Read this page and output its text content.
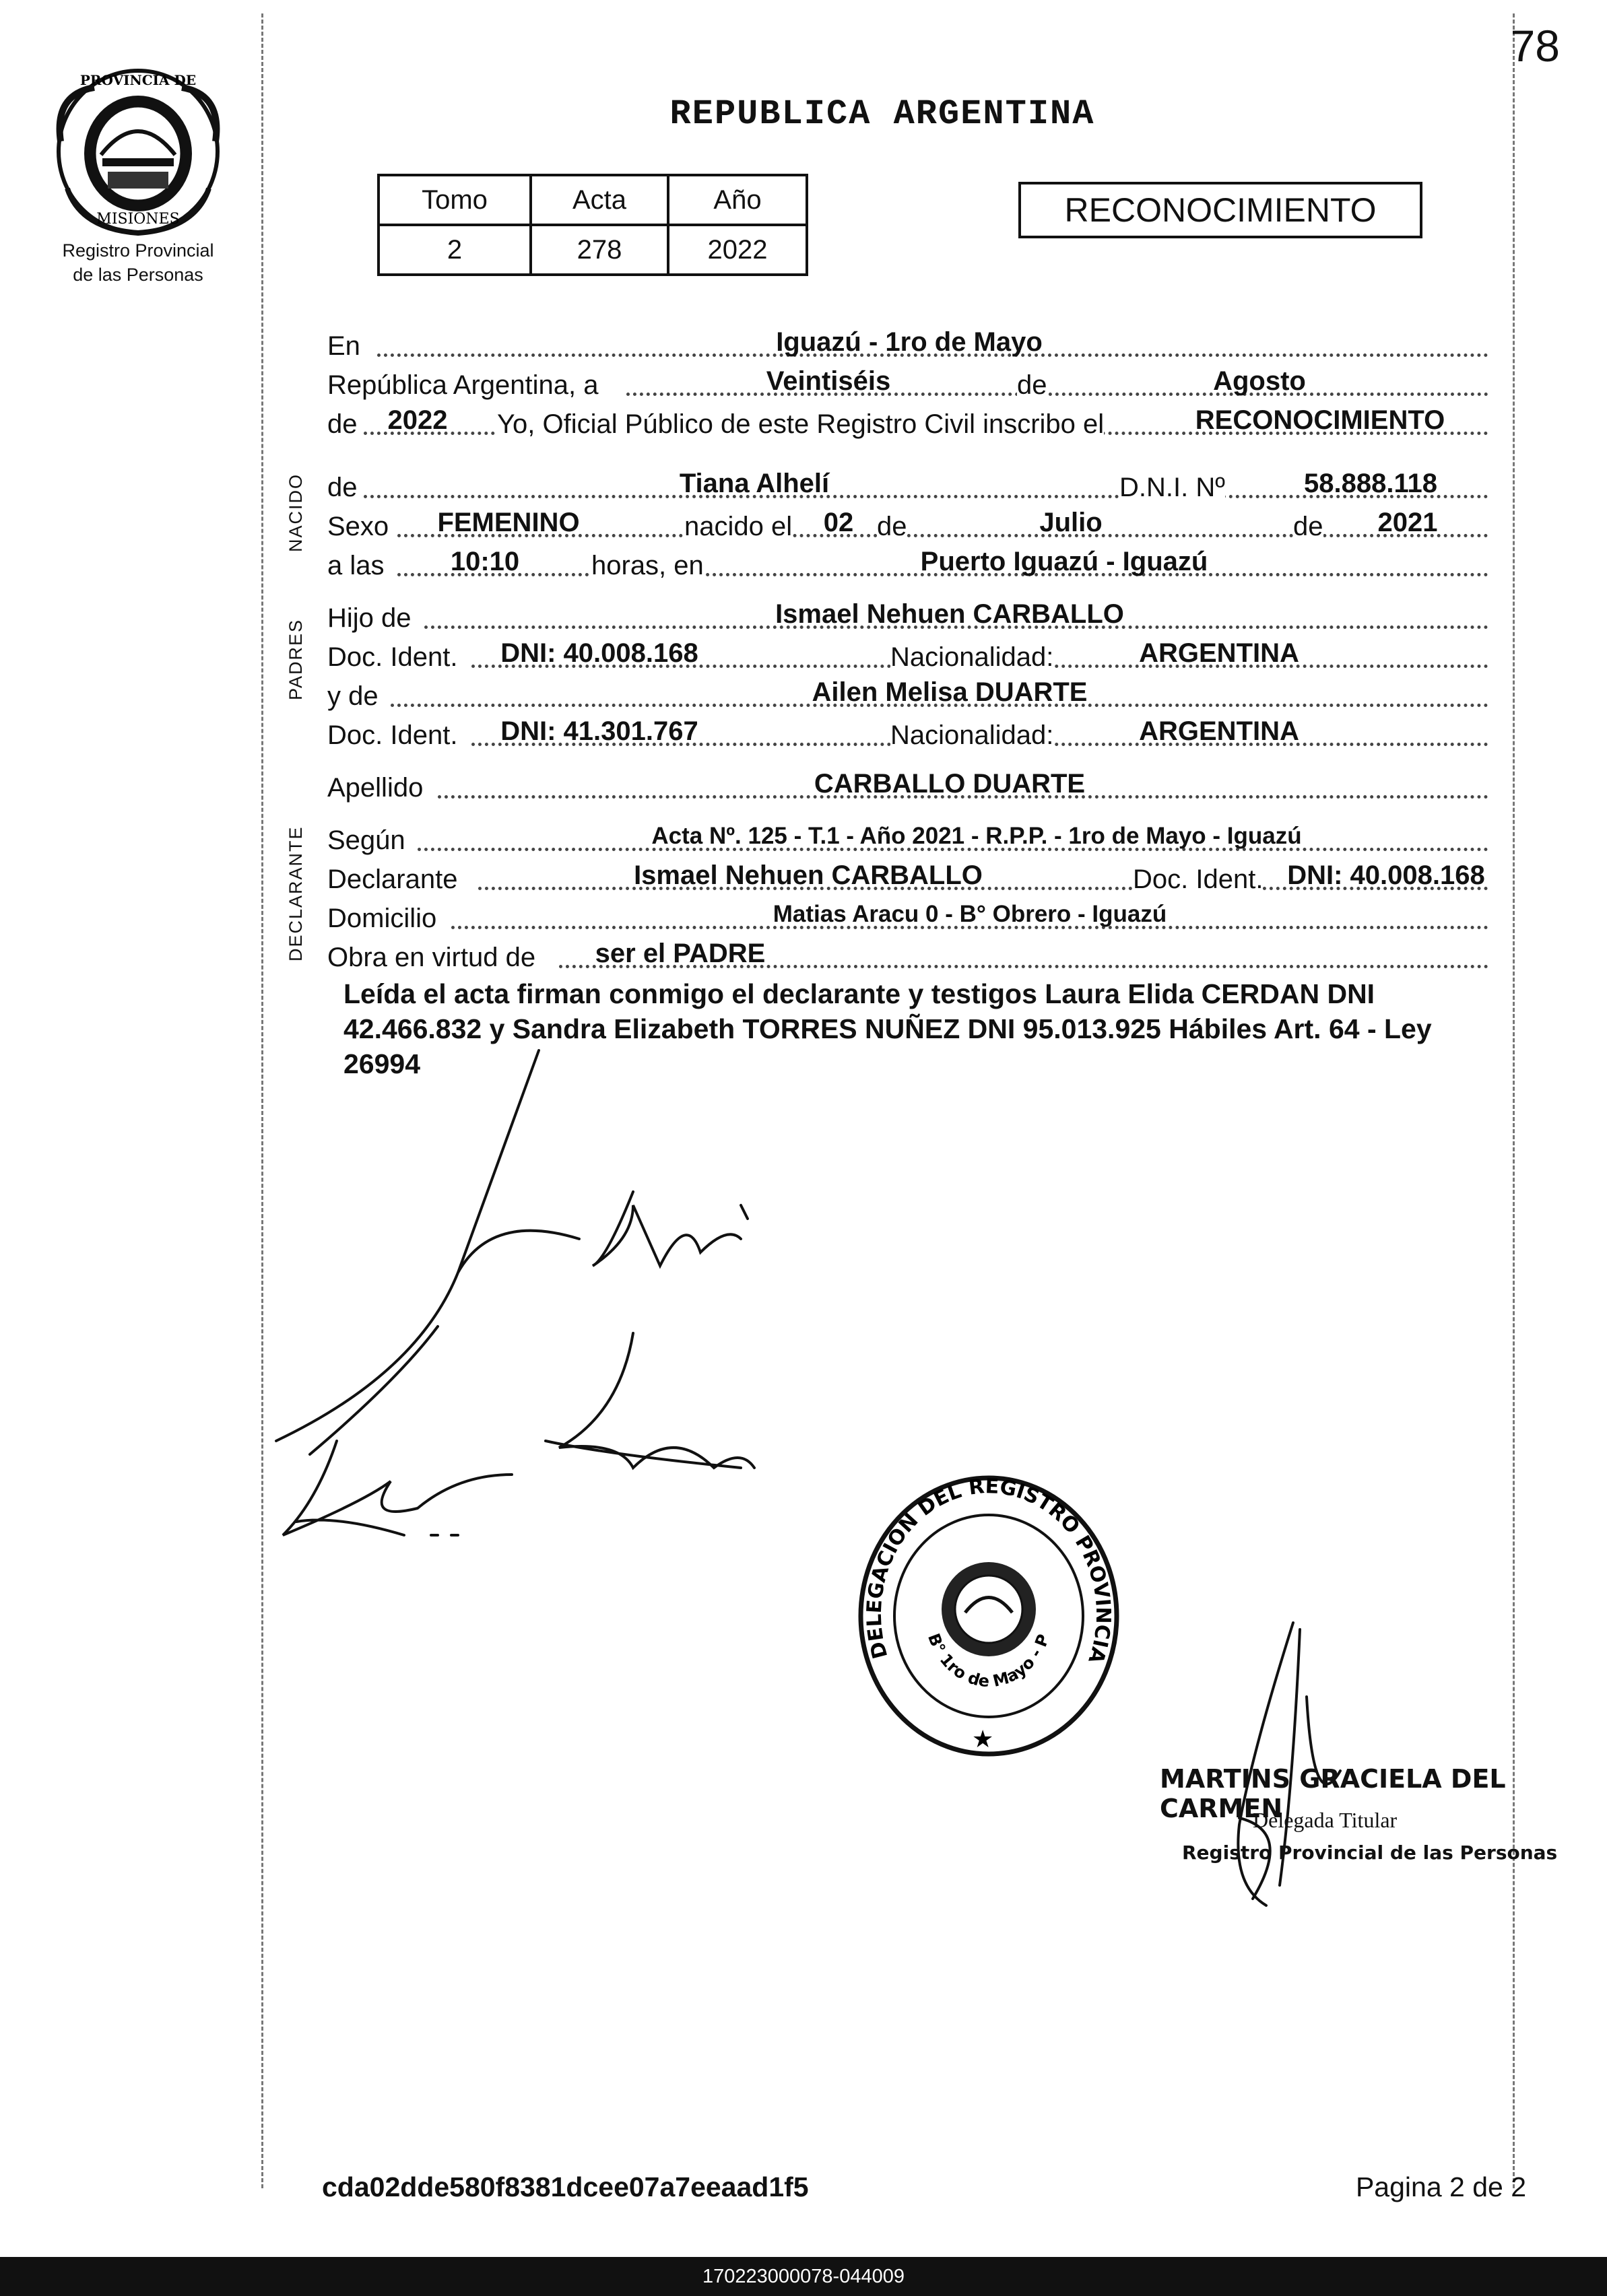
78
PROVINCIA DE
MISIONES
Registro Provincial
de las Personas
REPUBLICA ARGENTINA
Tomo	Acta	Año
2	278	2022
RECONOCIMIENTO
NACIDO
PADRES
DECLARANTE
En	Iguazú - 1ro de Mayo
República Argentina, a	Veintiséis	de	Agosto
de	2022	Yo, Oficial Público de este Registro Civil inscribo el	RECONOCIMIENTO
de	Tiana Alhelí	D.N.I. Nº	58.888.118
Sexo	FEMENINO	nacido el	02 de	Julio	de	2021
a las	10:10	horas, en	Puerto Iguazú - Iguazú
Hijo de	Ismael Nehuen CARBALLO
Doc. Ident.	DNI: 40.008.168	Nacionalidad:	ARGENTINA
y de	Ailen Melisa DUARTE
Doc. Ident.	DNI: 41.301.767	Nacionalidad:	ARGENTINA
Apellido	CARBALLO DUARTE
Según	Acta Nº. 125 - T.1 - Año 2021 - R.P.P. - 1ro de Mayo - Iguazú
Declarante	Ismael Nehuen CARBALLO	Doc. Ident. DNI: 40.008.168
Domicilio	Matias Aracu 0 - B° Obrero - Iguazú
Obra en virtud de	ser el PADRE
Leída el acta firman conmigo el declarante y testigos Laura Elida CERDAN DNI 42.466.832 y Sandra Elizabeth TORRES NUÑEZ DNI 95.013.925 Hábiles Art. 64 - Ley 26994
DELEGACION DEL REGISTRO PROVINCIA
B° 1ro de Mayo - P
★
MARTINS GRACIELA DEL CARMEN
Delegada Titular
Registro Provincial de las Personas
cda02dde580f8381dcee07a7eeaad1f5	Pagina 2 de 2
170223000078-044009
